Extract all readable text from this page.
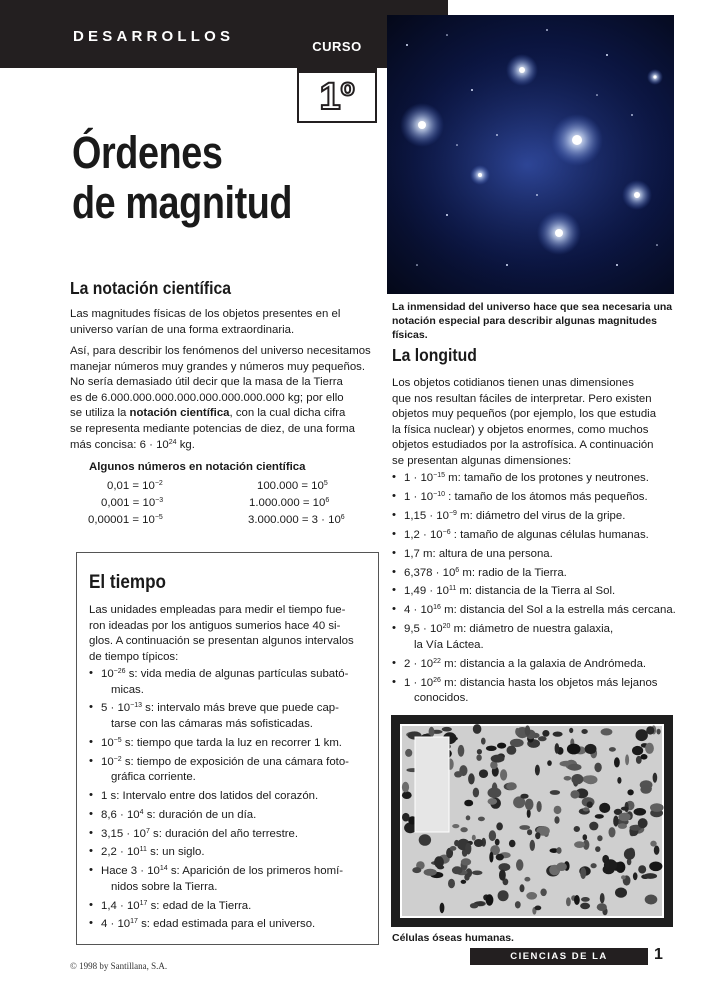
DESARROLLOS
CURSO
1º
Órdenes
de magnitud
La inmensidad del universo hace que sea necesaria una notación especial para describir algunas magnitudes físicas.
La notación científica
Las magnitudes físicas de los objetos presentes en el universo varían de una forma extraordinaria.
Así, para describir los fenómenos del universo necesitamos
manejar números muy grandes y números muy pequeños.
No sería demasiado útil decir que la masa de la Tierra
es de 6.000.000.000.000.000.000.000.000 kg; por ello
se utiliza la notación científica, con la cual dicha cifra
se representa mediante potencias de diez, de una forma
más concisa: $6 \cdot 10^{24}$ kg.
Algunos números en notación científica
$0,01 = 10^{-2}$	$100.000 = 10^5$
$0,001 = 10^{-3}$	$1.000.000 = 10^6$
$0,00001 = 10^{-5}$	$3.000.000 = 3 \cdot 10^6$
El tiempo
Las unidades empleadas para medir el tiempo fue-
ron ideadas por los antiguos sumerios hace 40 si-
glos. A continuación se presentan algunos intervalos
de tiempo típicos:
• $10^{-26}$ s: vida media de algunas partículas subató-
micas.
• $5 \cdot 10^{-13}$ s: intervalo más breve que puede cap-
tarse con las cámaras más sofisticadas.
• $10^{-5}$ s: tiempo que tarda la luz en recorrer 1 km.
• $10^{-2}$ s: tiempo de exposición de una cámara foto-
gráfica corriente.
• 1 s: Intervalo entre dos latidos del corazón.
• $8,6 \cdot 10^4$ s: duración de un día.
• $3,15 \cdot 10^7$ s: duración del año terrestre.
• $2,2 \cdot 10^{11}$ s: un siglo.
• Hace $3 \cdot 10^{14}$ s: Aparición de los primeros homí-
nidos sobre la Tierra.
• $1,4 \cdot 10^{17}$ s: edad de la Tierra.
• $4 \cdot 10^{17}$ s: edad estimada para el universo.
La longitud
Los objetos cotidianos tienen unas dimensiones
que nos resultan fáciles de interpretar. Pero existen
objetos muy pequeños (por ejemplo, los que estudia
la física nuclear) y objetos enormes, como muchos
objetos estudiados por la astrofísica. A continuación
se presentan algunas dimensiones:
• $1 \cdot 10^{-15}$ m: tamaño de los protones y neutrones.
• $1 \cdot 10^{-10}$ : tamaño de los átomos más pequeños.
• $1,15 \cdot 10^{-9}$ m: diámetro del virus de la gripe.
• $1,2 \cdot 10^{-6}$ : tamaño de algunas células humanas.
• 1,7 m: altura de una persona.
• $6,378 \cdot 10^6$ m: radio de la Tierra.
• $1,49 \cdot 10^{11}$ m: distancia de la Tierra al Sol.
• $4 \cdot 10^{16}$ m: distancia del Sol a la estrella más cercana.
• $9,5 \cdot 10^{20}$ m: diámetro de nuestra galaxia,
la Vía Láctea.
• $2 \cdot 10^{22}$ m: distancia a la galaxia de Andrómeda.
• $1 \cdot 10^{26}$ m: distancia hasta los objetos más lejanos
conocidos.
Células óseas humanas.
© 1998 by Santillana, S.A.
CIENCIAS DE LA NATURALEZA
1
